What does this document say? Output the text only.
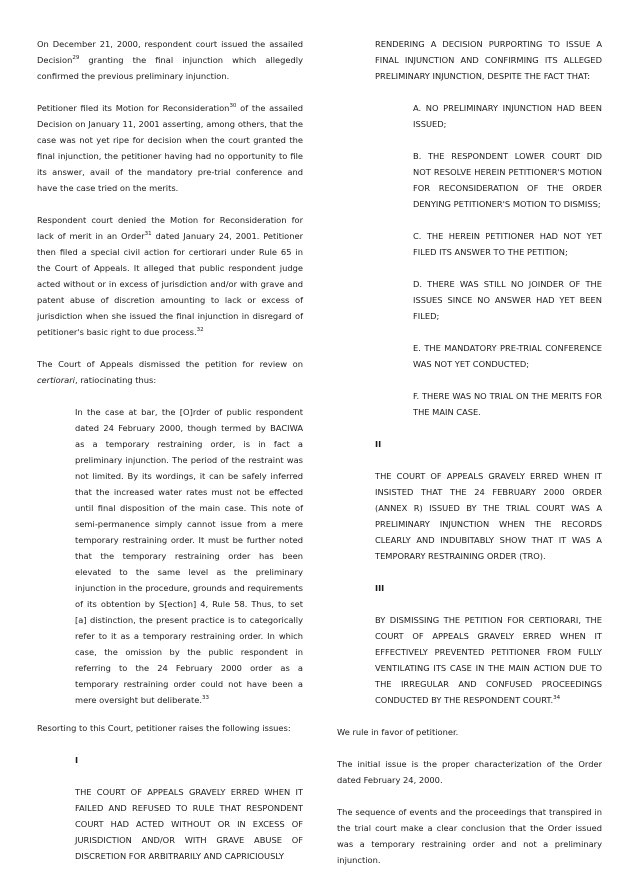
On December 21, 2000, respondent court issued the assailed Decision$^{29}$ granting the final injunction which allegedly confirmed the previous preliminary injunction.

Petitioner filed its Motion for Reconsideration$^{30}$ of the assailed Decision on January 11, 2001 asserting, among others, that the case was not yet ripe for decision when the court granted the final injunction, the petitioner having had no opportunity to file its answer, avail of the mandatory pre-trial conference and have the case tried on the merits.

Respondent court denied the Motion for Reconsideration for lack of merit in an Order$^{31}$ dated January 24, 2001. Petitioner then filed a special civil action for certiorari under Rule 65 in the Court of Appeals. It alleged that public respondent judge acted without or in excess of jurisdiction and/or with grave and patent abuse of discretion amounting to lack or excess of jurisdiction when she issued the final injunction in disregard of petitioner's basic right to due process.$^{32}$

The Court of Appeals dismissed the petition for review on certiorari, ratiocinating thus:

In the case at bar, the [O]rder of public respondent dated 24 February 2000, though termed by BACIWA as a temporary restraining order, is in fact a preliminary injunction. The period of the restraint was not limited. By its wordings, it can be safely inferred that the increased water rates must not be effected until final disposition of the main case. This note of semi-permanence simply cannot issue from a mere temporary restraining order. It must be further noted that the temporary restraining order has been elevated to the same level as the preliminary injunction in the procedure, grounds and requirements of its obtention by S[ection] 4, Rule 58. Thus, to set [a] distinction, the present practice is to categorically refer to it as a temporary restraining order. In which case, the omission by the public respondent in referring to the 24 February 2000 order as a temporary restraining order could not have been a mere oversight but deliberate.$^{33}$

Resorting to this Court, petitioner raises the following issues:

I
THE COURT OF APPEALS GRAVELY ERRED WHEN IT FAILED AND REFUSED TO RULE THAT RESPONDENT COURT HAD ACTED WITHOUT OR IN EXCESS OF JURISDICTION AND/OR WITH GRAVE ABUSE OF DISCRETION FOR ARBITRARILY AND CAPRICIOUSLY
RENDERING A DECISION PURPORTING TO ISSUE A FINAL INJUNCTION AND CONFIRMING ITS ALLEGED PRELIMINARY INJUNCTION, DESPITE THE FACT THAT:
A. NO PRELIMINARY INJUNCTION HAD BEEN ISSUED;
B. THE RESPONDENT LOWER COURT DID NOT RESOLVE HEREIN PETITIONER'S MOTION FOR RECONSIDERATION OF THE ORDER DENYING PETITIONER'S MOTION TO DISMISS;
C. THE HEREIN PETITIONER HAD NOT YET FILED ITS ANSWER TO THE PETITION;
D. THERE WAS STILL NO JOINDER OF THE ISSUES SINCE NO ANSWER HAD YET BEEN FILED;
E. THE MANDATORY PRE-TRIAL CONFERENCE WAS NOT YET CONDUCTED;
F. THERE WAS NO TRIAL ON THE MERITS FOR THE MAIN CASE.
II
THE COURT OF APPEALS GRAVELY ERRED WHEN IT INSISTED THAT THE 24 FEBRUARY 2000 ORDER (ANNEX R) ISSUED BY THE TRIAL COURT WAS A PRELIMINARY INJUNCTION WHEN THE RECORDS CLEARLY AND INDUBITABLY SHOW THAT IT WAS A TEMPORARY RESTRAINING ORDER (TRO).
III
BY DISMISSING THE PETITION FOR CERTIORARI, THE COURT OF APPEALS GRAVELY ERRED WHEN IT EFFECTIVELY PREVENTED PETITIONER FROM FULLY VENTILATING ITS CASE IN THE MAIN ACTION DUE TO THE IRREGULAR AND CONFUSED PROCEEDINGS CONDUCTED BY THE RESPONDENT COURT.$^{34}$

We rule in favor of petitioner.

The initial issue is the proper characterization of the Order dated February 24, 2000.

The sequence of events and the proceedings that transpired in the trial court make a clear conclusion that the Order issued was a temporary restraining order and not a preliminary injunction.
